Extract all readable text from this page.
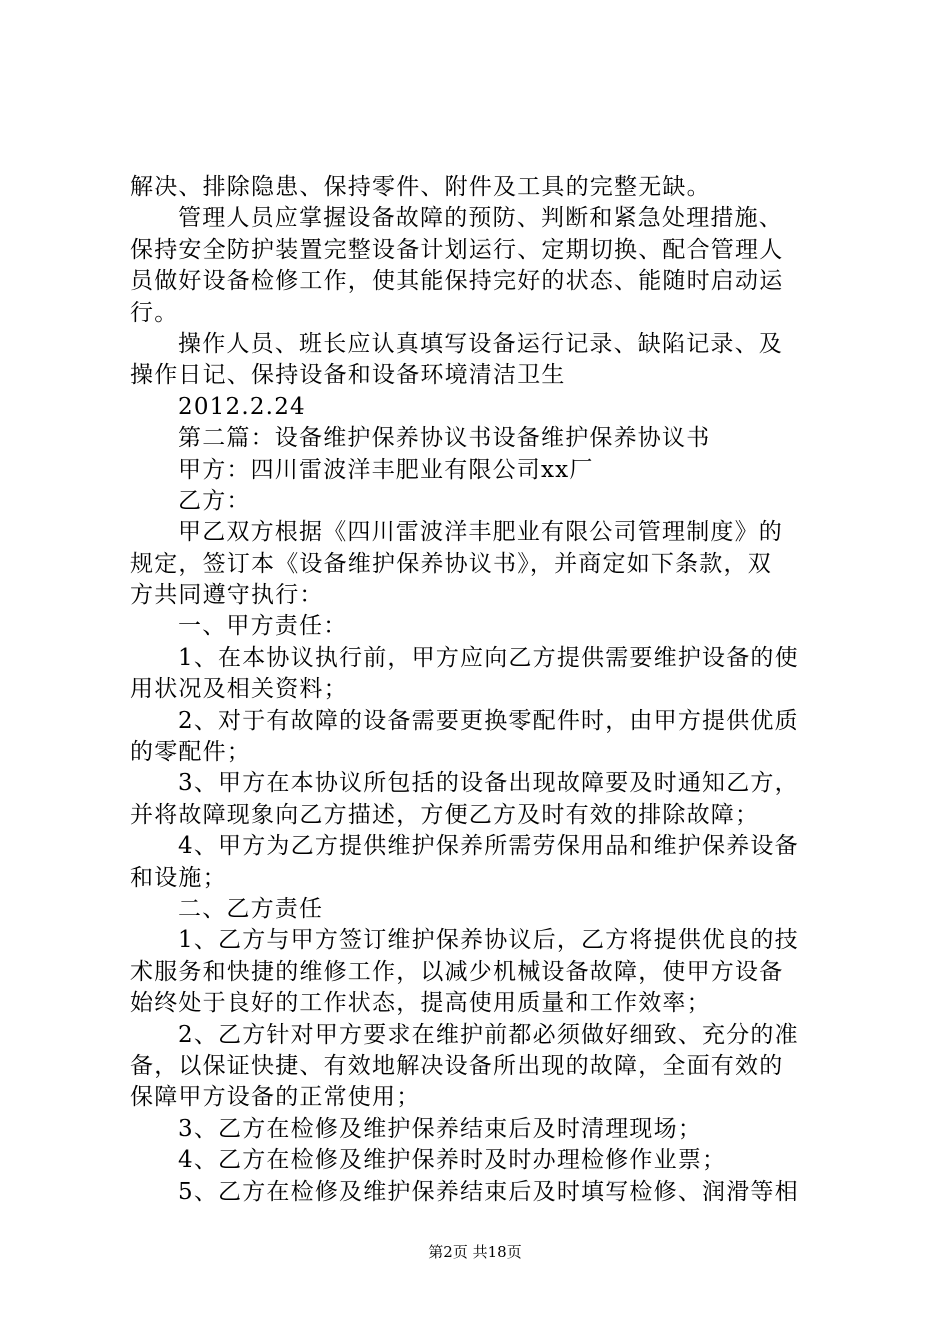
解决、排除隐患、保持零件、附件及工具的完整无缺。
管理人员应掌握设备故障的预防、判断和紧急处理措施、
保持安全防护装置完整设备计划运行、定期切换、配合管理人
员做好设备检修工作，使其能保持完好的状态、能随时启动运
行。
操作人员、班长应认真填写设备运行记录、缺陷记录、及
操作日记、保持设备和设备环境清洁卫生
2012.2.24
第二篇：设备维护保养协议书设备维护保养协议书
甲方：四川雷波洋丰肥业有限公司xx厂
乙方：
甲乙双方根据《四川雷波洋丰肥业有限公司管理制度》的
规定，签订本《设备维护保养协议书》，并商定如下条款，双
方共同遵守执行：
一、甲方责任：
1、在本协议执行前，甲方应向乙方提供需要维护设备的使
用状况及相关资料；
2、对于有故障的设备需要更换零配件时，由甲方提供优质
的零配件；
3、甲方在本协议所包括的设备出现故障要及时通知乙方，
并将故障现象向乙方描述，方便乙方及时有效的排除故障；
4、甲方为乙方提供维护保养所需劳保用品和维护保养设备
和设施；
二、乙方责任
1、乙方与甲方签订维护保养协议后，乙方将提供优良的技
术服务和快捷的维修工作，以减少机械设备故障，使甲方设备
始终处于良好的工作状态，提高使用质量和工作效率；
2、乙方针对甲方要求在维护前都必须做好细致、充分的准
备，以保证快捷、有效地解决设备所出现的故障，全面有效的
保障甲方设备的正常使用；
3、乙方在检修及维护保养结束后及时清理现场；
4、乙方在检修及维护保养时及时办理检修作业票；
5、乙方在检修及维护保养结束后及时填写检修、润滑等相
第2页 共18页
